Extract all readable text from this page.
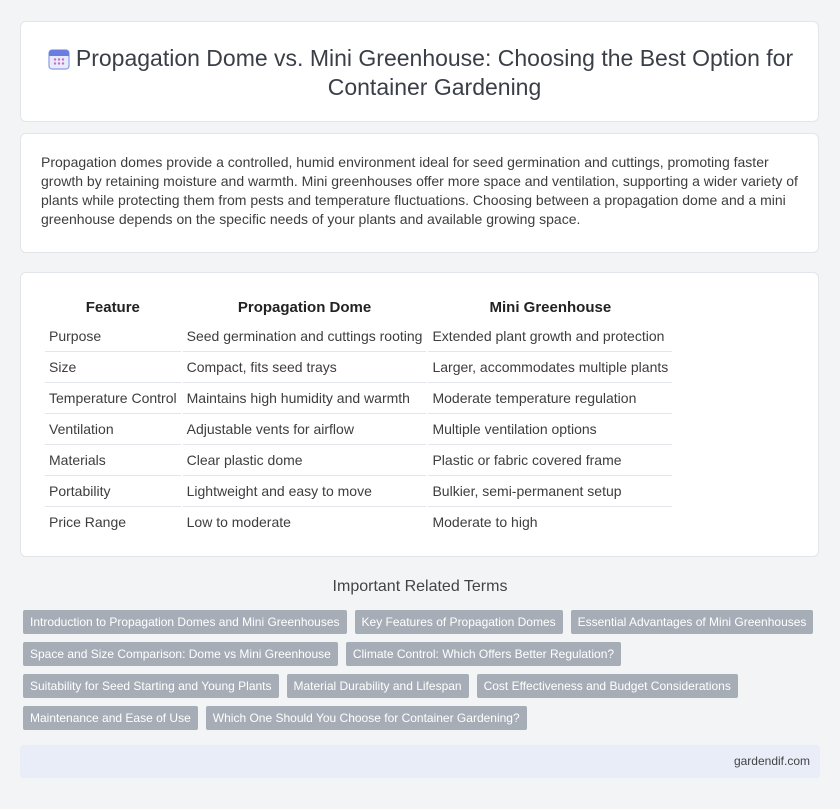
Propagation Dome vs. Mini Greenhouse: Choosing the Best Option for Container Gardening

Propagation domes provide a controlled, humid environment ideal for seed germination and cuttings, promoting faster growth by retaining moisture and warmth. Mini greenhouses offer more space and ventilation, supporting a wider variety of plants while protecting them from pests and temperature fluctuations. Choosing between a propagation dome and a mini greenhouse depends on the specific needs of your plants and available growing space.

Feature	Propagation Dome	Mini Greenhouse
Purpose	Seed germination and cuttings rooting	Extended plant growth and protection
Size	Compact, fits seed trays	Larger, accommodates multiple plants
Temperature Control	Maintains high humidity and warmth	Moderate temperature regulation
Ventilation	Adjustable vents for airflow	Multiple ventilation options
Materials	Clear plastic dome	Plastic or fabric covered frame
Portability	Lightweight and easy to move	Bulkier, semi-permanent setup
Price Range	Low to moderate	Moderate to high
Important Related Terms
Introduction to Propagation Domes and Mini Greenhouses	Key Features of Propagation Domes	Essential Advantages of Mini Greenhouses
Space and Size Comparison: Dome vs Mini Greenhouse	Climate Control: Which Offers Better Regulation?
Suitability for Seed Starting and Young Plants	Material Durability and Lifespan	Cost Effectiveness and Budget Considerations
Maintenance and Ease of Use	Which One Should You Choose for Container Gardening?
gardendif.com
